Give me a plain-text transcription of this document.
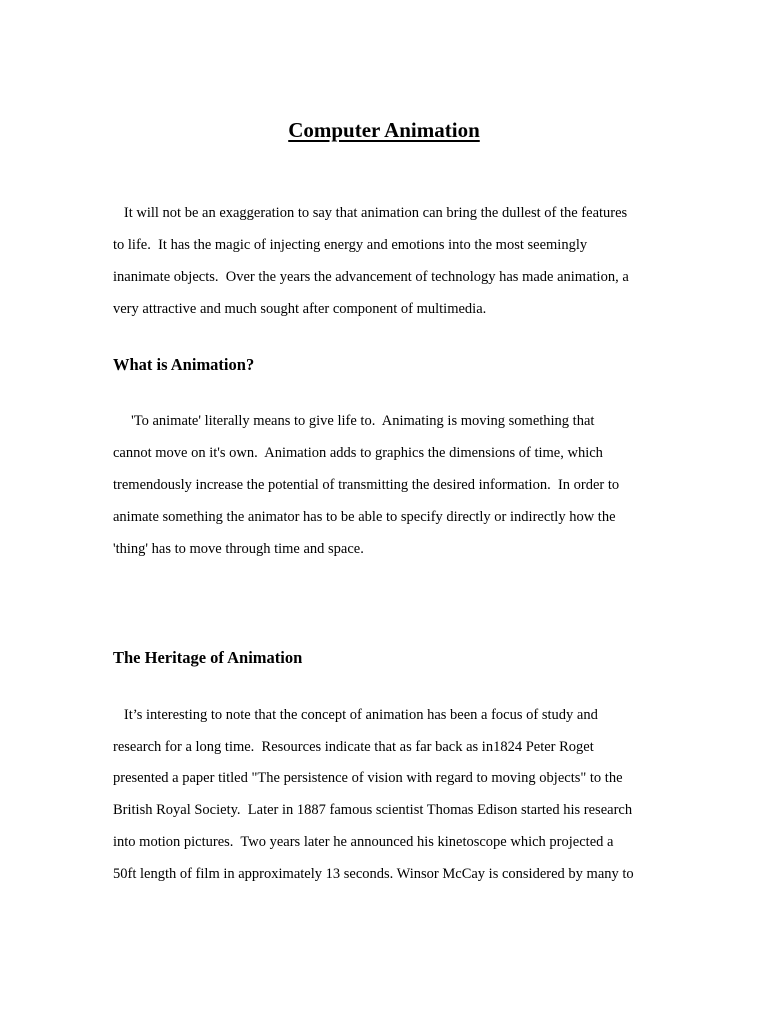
Computer Animation

It will not be an exaggeration to say that animation can bring the dullest of the features

to life.  It has the magic of injecting energy and emotions into the most seemingly

inanimate objects.  Over the years the advancement of technology has made animation, a

very attractive and much sought after component of multimedia.

What is Animation?

'To animate' literally means to give life to.  Animating is moving something that

cannot move on it's own.  Animation adds to graphics the dimensions of time, which

tremendously increase the potential of transmitting the desired information.  In order to

animate something the animator has to be able to specify directly or indirectly how the

'thing' has to move through time and space.

The Heritage of Animation

It’s interesting to note that the concept of animation has been a focus of study and

research for a long time.  Resources indicate that as far back as in1824 Peter Roget

presented a paper titled "The persistence of vision with regard to moving objects" to the

British Royal Society.  Later in 1887 famous scientist Thomas Edison started his research

into motion pictures.  Two years later he announced his kinetoscope which projected a

50ft length of film in approximately 13 seconds. Winsor McCay is considered by many to
